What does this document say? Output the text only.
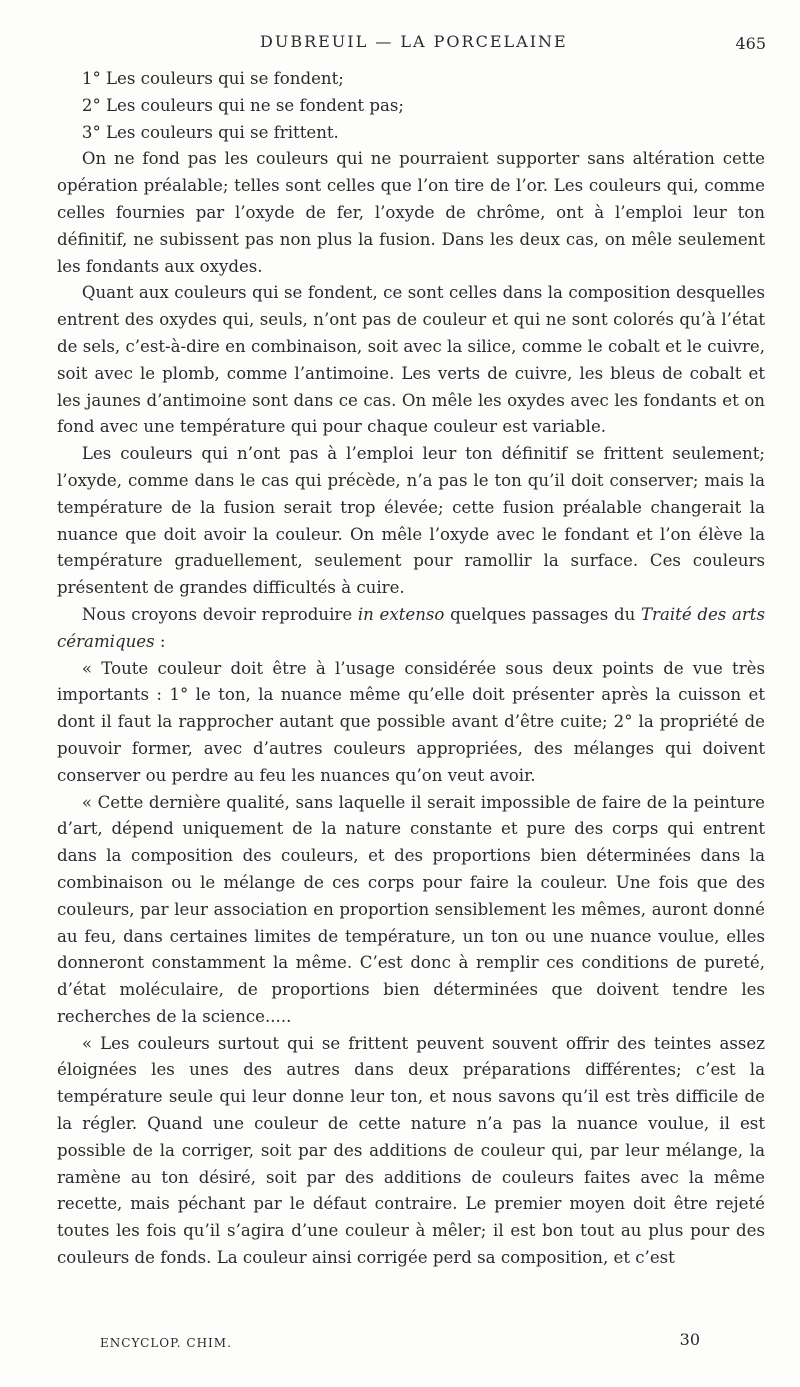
DUBREUIL — LA PORCELAINE	465

1° Les couleurs qui se fondent;

2° Les couleurs qui ne se fondent pas;

3° Les couleurs qui se frittent.

On ne fond pas les couleurs qui ne pourraient supporter sans altération cette opération préalable; telles sont celles que l’on tire de l’or. Les couleurs qui, comme celles fournies par l’oxyde de fer, l’oxyde de chrôme, ont à l’emploi leur ton définitif, ne subissent pas non plus la fusion. Dans les deux cas, on mêle seulement les fondants aux oxydes.

Quant aux couleurs qui se fondent, ce sont celles dans la composition desquelles entrent des oxydes qui, seuls, n’ont pas de couleur et qui ne sont colorés qu’à l’état de sels, c’est-à-dire en combinaison, soit avec la silice, comme le cobalt et le cuivre, soit avec le plomb, comme l’antimoine. Les verts de cuivre, les bleus de cobalt et les jaunes d’antimoine sont dans ce cas. On mêle les oxydes avec les fondants et on fond avec une température qui pour chaque couleur est variable.

Les couleurs qui n’ont pas à l’emploi leur ton définitif se frittent seulement; l’oxyde, comme dans le cas qui précède, n’a pas le ton qu’il doit conserver; mais la température de la fusion serait trop élevée; cette fusion préalable changerait la nuance que doit avoir la couleur. On mêle l’oxyde avec le fondant et l’on élève la température graduellement, seulement pour ramollir la surface. Ces couleurs présentent de grandes difficultés à cuire.

Nous croyons devoir reproduire in extenso quelques passages du Traité des arts céramiques :

« Toute couleur doit être à l’usage considérée sous deux points de vue très importants : 1° le ton, la nuance même qu’elle doit présenter après la cuisson et dont il faut la rapprocher autant que possible avant d’être cuite; 2° la propriété de pouvoir former, avec d’autres couleurs appropriées, des mélanges qui doivent conserver ou perdre au feu les nuances qu’on veut avoir.

« Cette dernière qualité, sans laquelle il serait impossible de faire de la peinture d’art, dépend uniquement de la nature constante et pure des corps qui entrent dans la composition des couleurs, et des proportions bien déterminées dans la combinaison ou le mélange de ces corps pour faire la couleur. Une fois que des couleurs, par leur association en proportion sensiblement les mêmes, auront donné au feu, dans certaines limites de température, un ton ou une nuance voulue, elles donneront constamment la même. C’est donc à remplir ces conditions de pureté, d’état moléculaire, de proportions bien déterminées que doivent tendre les recherches de la science.....

« Les couleurs surtout qui se frittent peuvent souvent offrir des teintes assez éloignées les unes des autres dans deux préparations différentes; c’est la température seule qui leur donne leur ton, et nous savons qu’il est très difficile de la régler. Quand une couleur de cette nature n’a pas la nuance voulue, il est possible de la corriger, soit par des additions de couleur qui, par leur mélange, la ramène au ton désiré, soit par des additions de couleurs faites avec la même recette, mais péchant par le défaut contraire. Le premier moyen doit être rejeté toutes les fois qu’il s’agira d’une couleur à mêler; il est bon tout au plus pour des couleurs de fonds. La couleur ainsi corrigée perd sa composition, et c’est

ENCYCLOP. CHIM.	30
